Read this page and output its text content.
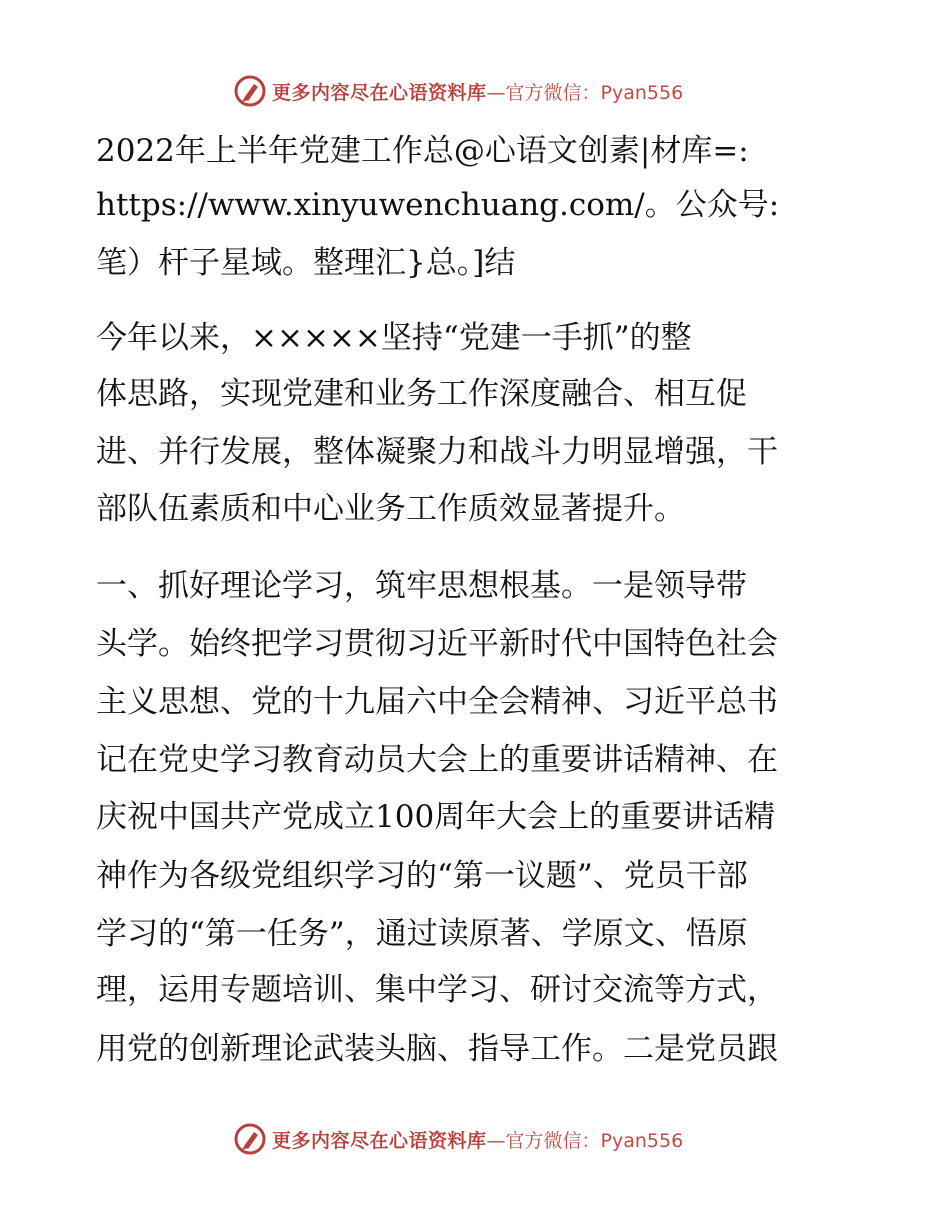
更多内容尽在心语资料库 —官方微信：Pyan556
2022年上半年党建工作总@心语文创素|材库=:
https://www.xinyuwenchuang.com/。公众号:
笔）杆子星域。整理汇}总。]结
今年以来，×××××坚持“党建一手抓”的整
体思路，实现党建和业务工作深度融合、相互促
进、并行发展，整体凝聚力和战斗力明显增强，干
部队伍素质和中心业务工作质效显著提升。
一、抓好理论学习，筑牢思想根基。一是领导带
头学。始终把学习贯彻习近平新时代中国特色社会
主义思想、党的十九届六中全会精神、习近平总书
记在党史学习教育动员大会上的重要讲话精神、在
庆祝中国共产党成立100周年大会上的重要讲话精
神作为各级党组织学习的“第一议题”、党员干部
学习的“第一任务”，通过读原著、学原文、悟原
理，运用专题培训、集中学习、研讨交流等方式，
用党的创新理论武装头脑、指导工作。二是党员跟
更多内容尽在心语资料库 —官方微信：Pyan556
